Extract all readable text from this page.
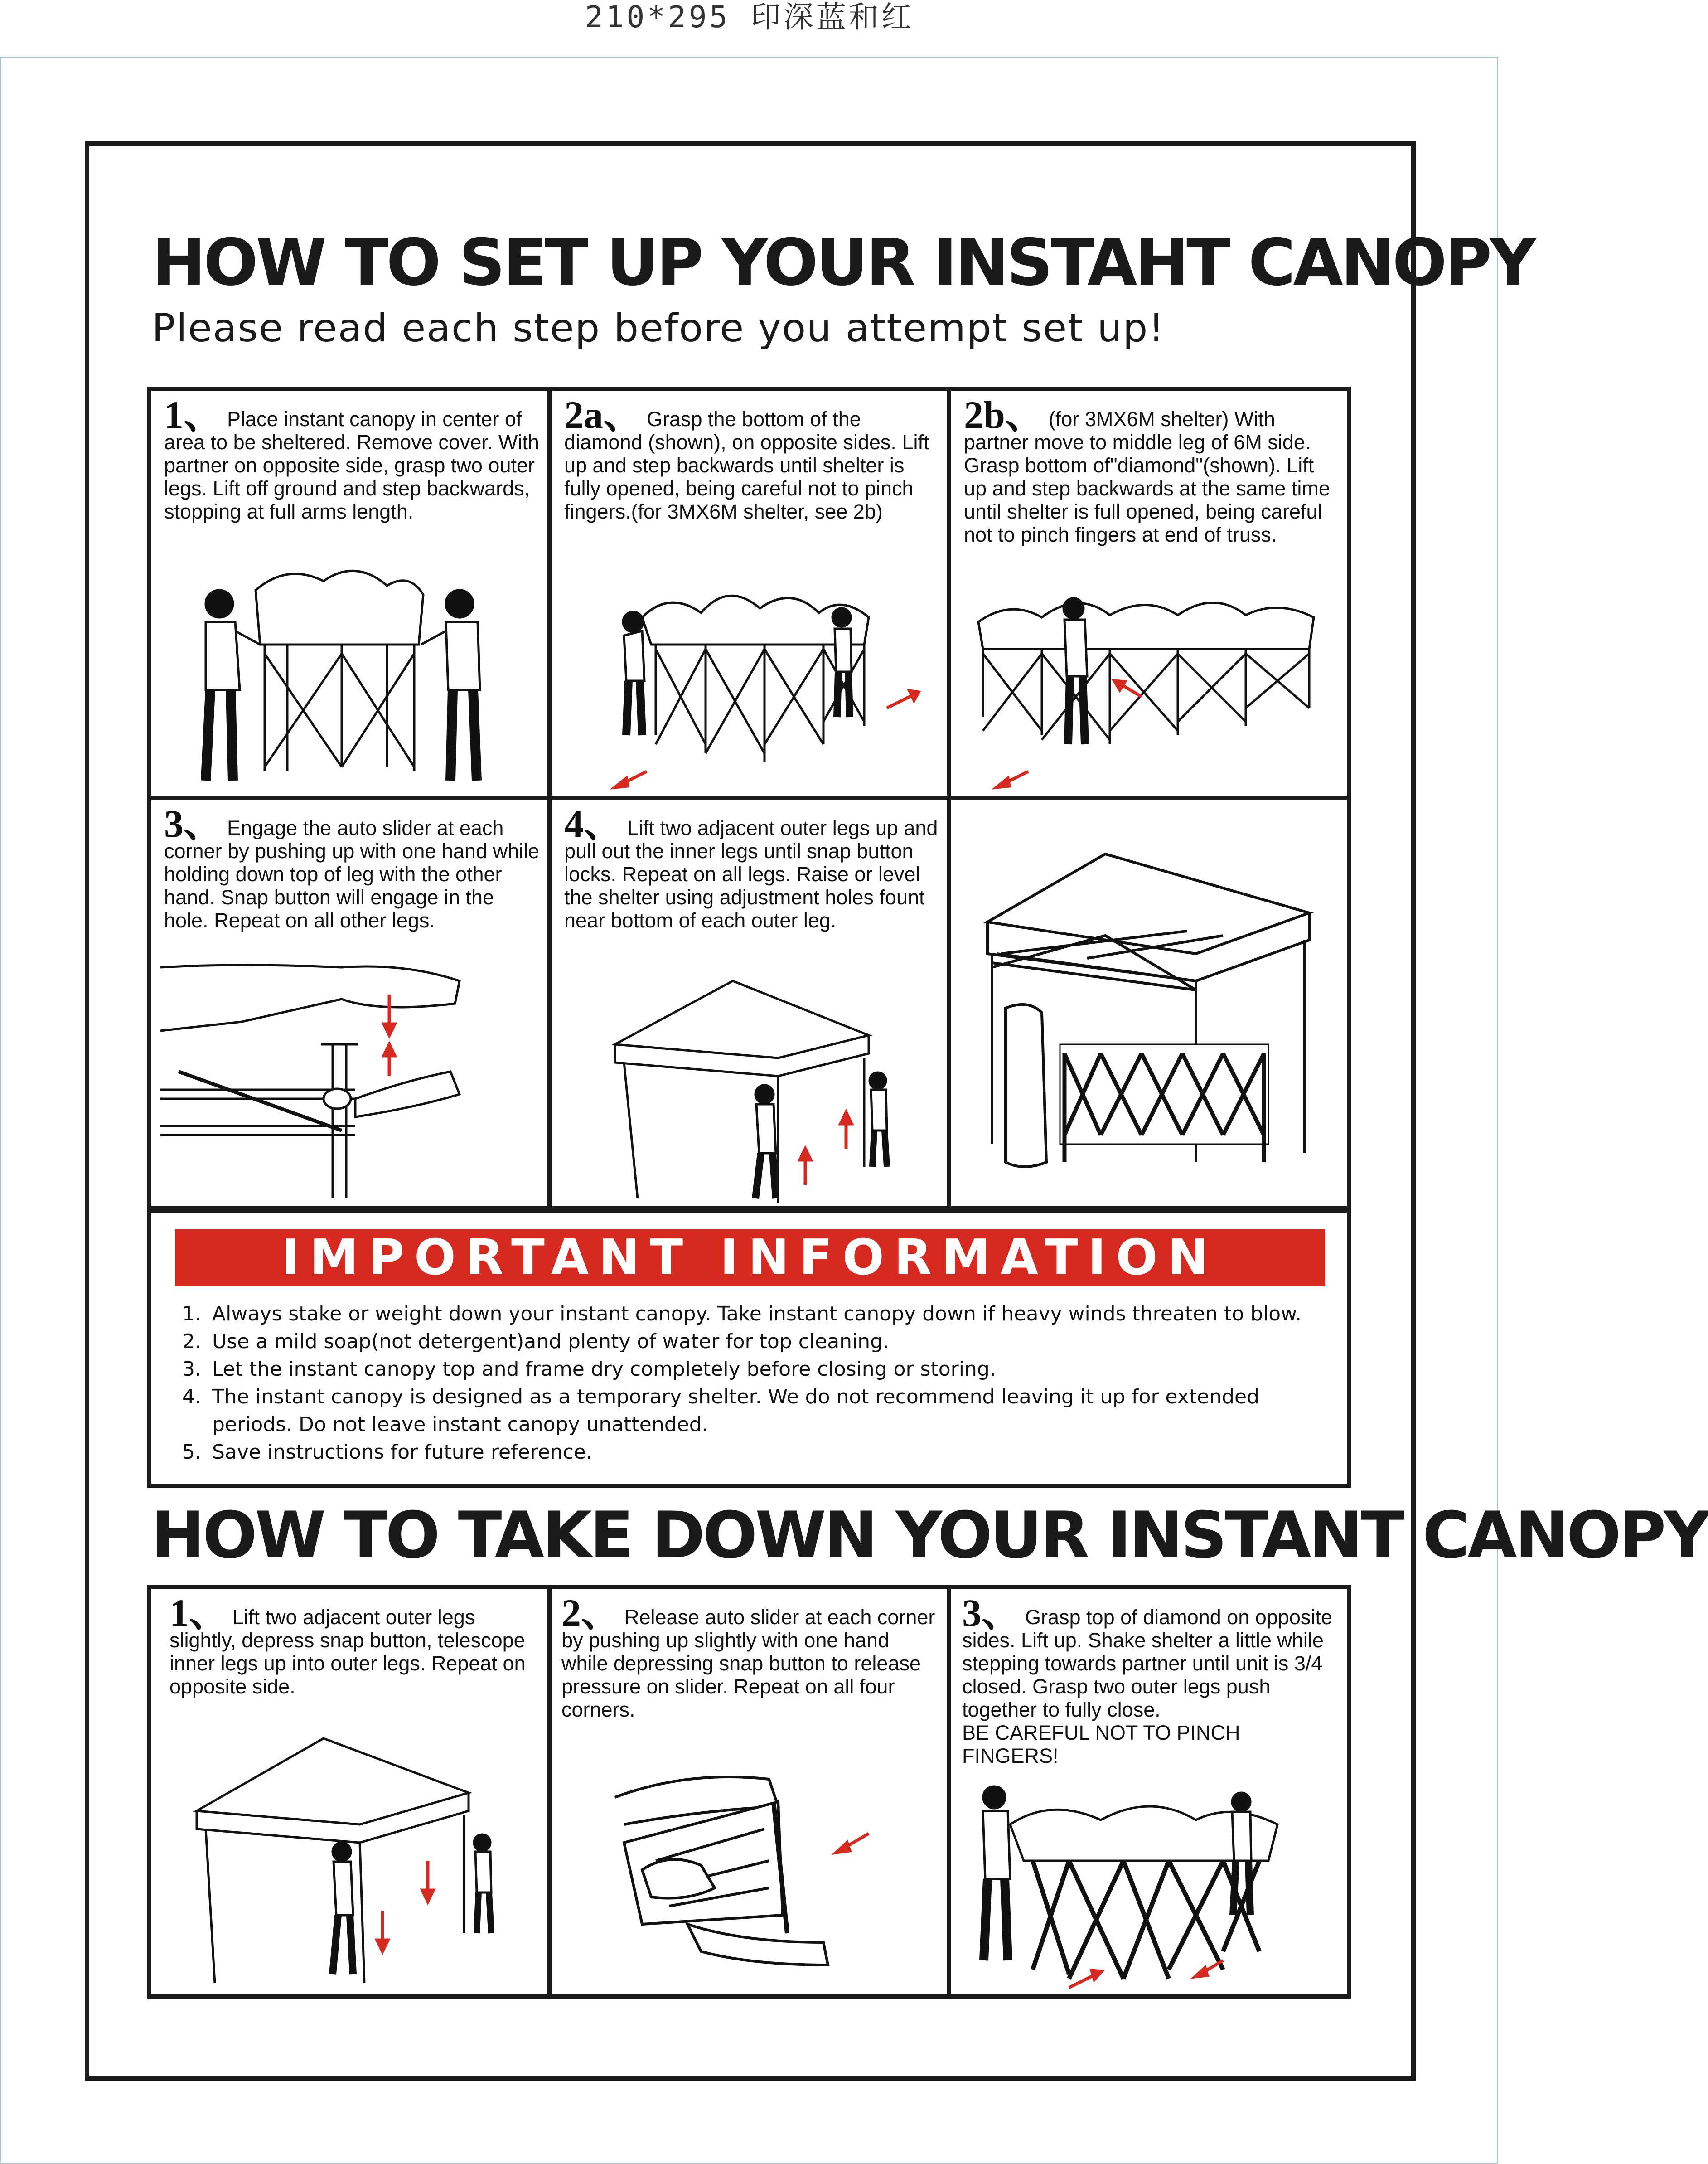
210*295 印深蓝和红
HOW TO SET UP YOUR INSTAHT CANOPY
Please read each step before you attempt set up!
1、 Place instant canopy in center of area to be sheltered. Remove cover. With partner on opposite side, grasp two outer legs. Lift off ground and step backwards, stopping at full arms length.
2a、 Grasp the bottom of the diamond (shown), on opposite sides. Lift up and step backwards until shelter is fully opened, being careful not to pinch fingers.(for 3MX6M shelter, see 2b)
2b、 (for 3MX6M shelter) With partner move to middle leg of 6M side. Grasp bottom of"diamond"(shown). Lift up and step backwards at the same time until shelter is full opened, being careful not to pinch fingers at end of truss.
3、 Engage the auto slider at each corner by pushing up with one hand while holding down top of leg with the other hand. Snap button will engage in the hole. Repeat on all other legs.
4、 Lift two adjacent outer legs up and pull out the inner legs until snap button locks. Repeat on all legs. Raise or level the shelter using adjustment holes fount near bottom of each outer leg.
IMPORTANT INFORMATION
1. Always stake or weight down your instant canopy. Take instant canopy down if heavy winds threaten to blow.
2. Use a mild soap(not detergent)and plenty of water for top cleaning.
3. Let the instant canopy top and frame dry completely before closing or storing.
4. The instant canopy is designed as a temporary shelter. We do not recommend leaving it up for extended periods. Do not leave instant canopy unattended.
5. Save instructions for future reference.
HOW TO TAKE DOWN YOUR INSTANT CANOPY
1、 Lift two adjacent outer legs slightly, depress snap button, telescope inner legs up into outer legs. Repeat on opposite side.
2、 Release auto slider at each corner by pushing up slightly with one hand while depressing snap button to release pressure on slider. Repeat on all four corners.
3、 Grasp top of diamond on opposite sides. Lift up. Shake shelter a little while stepping towards partner until unit is 3/4 closed. Grasp two outer legs push together to fully close.
BE CAREFUL NOT TO PINCH FINGERS!
